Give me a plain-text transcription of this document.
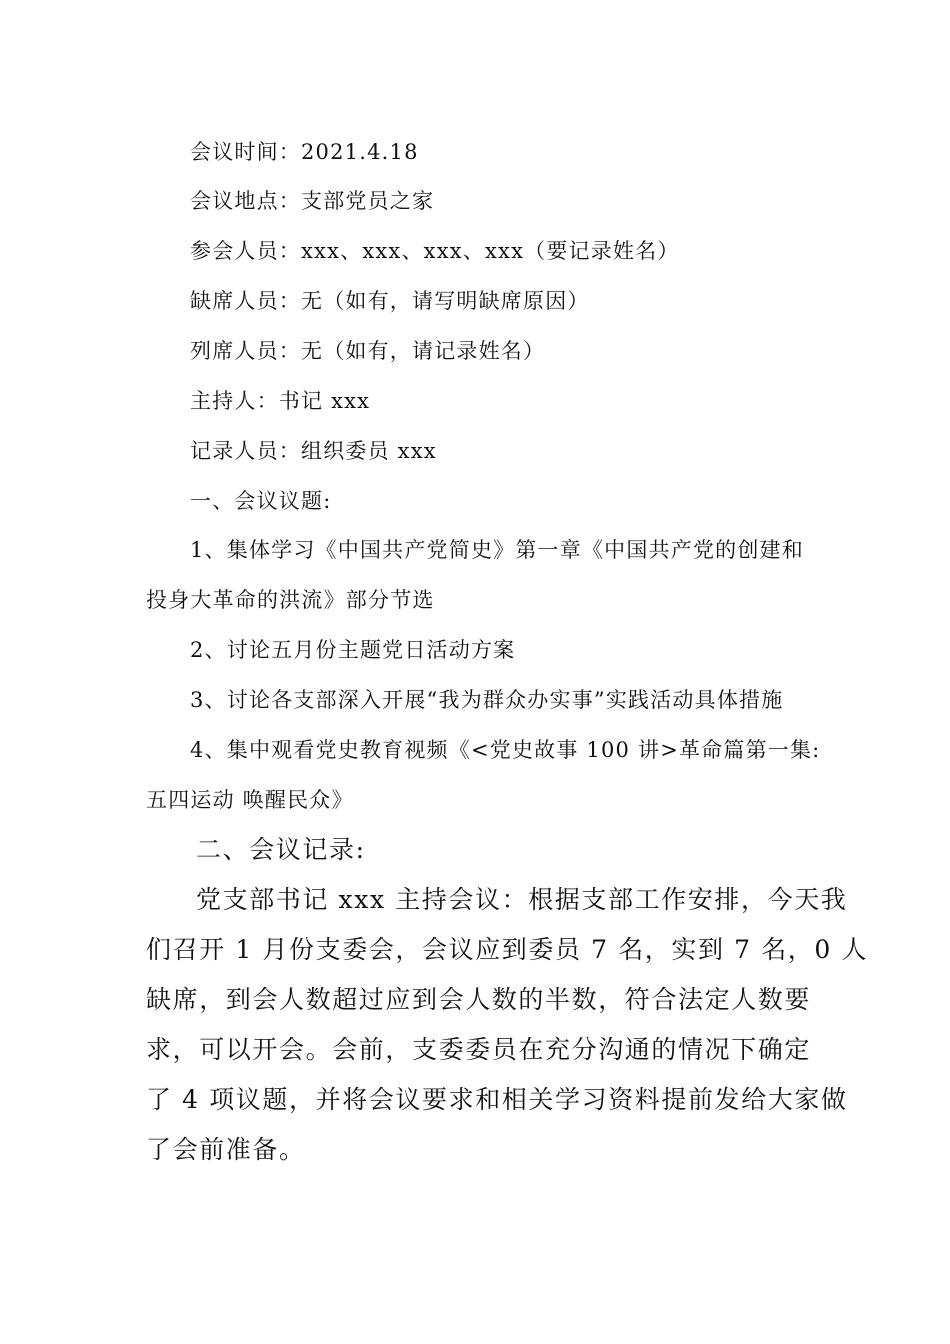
会议时间：2021.4.18
会议地点：支部党员之家
参会人员：xxx、xxx、xxx、xxx（要记录姓名）
缺席人员：无（如有，请写明缺席原因）
列席人员：无（如有，请记录姓名）
主持人：书记 xxx
记录人员：组织委员 xxx
一、会议议题:
1、集体学习《中国共产党简史》第一章《中国共产党的创建和
投身大革命的洪流》部分节选
2、讨论五月份主题党日活动方案
3、讨论各支部深入开展“我为群众办实事”实践活动具体措施
4、集中观看党史教育视频《<党史故事 100 讲>革命篇第一集:
五四运动 唤醒民众》
二、会议记录:
党支部书记 xxx 主持会议：根据支部工作安排，今天我
们召开 1 月份支委会，会议应到委员 7 名，实到 7 名，0 人
缺席，到会人数超过应到会人数的半数，符合法定人数要
求，可以开会。会前，支委委员在充分沟通的情况下确定
了 4 项议题，并将会议要求和相关学习资料提前发给大家做
了会前准备。
